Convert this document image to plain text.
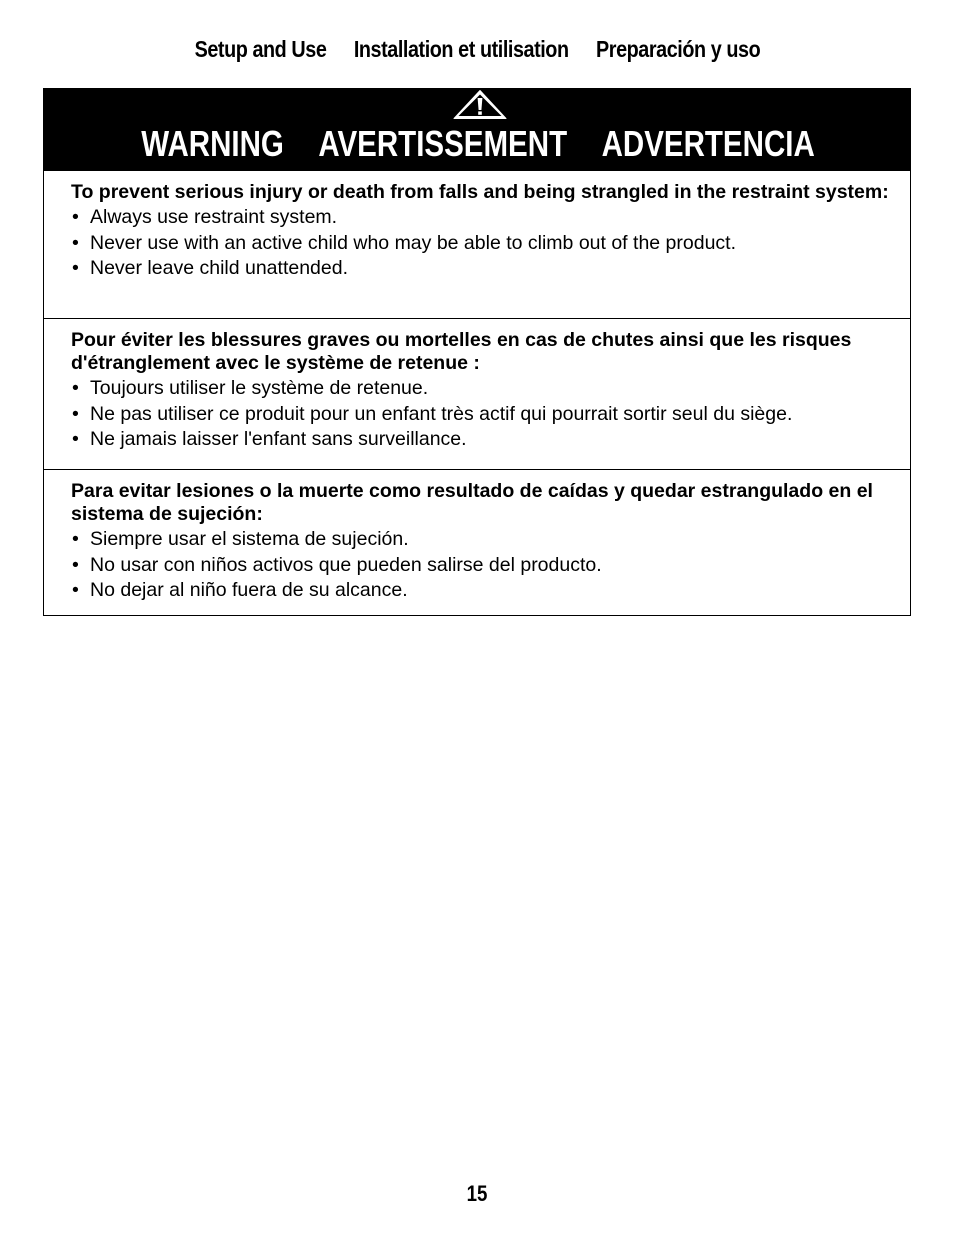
Setup and Use Installation et utilisation Preparación y uso
WARNING AVERTISSEMENT ADVERTENCIA

To prevent serious injury or death from falls and being strangled in the restraint system:

• Always use restraint system.
• Never use with an active child who may be able to climb out of the product.
• Never leave child unattended.

Pour éviter les blessures graves ou mortelles en cas de chutes ainsi que les risques d'étranglement avec le système de retenue :

• Toujours utiliser le système de retenue.
• Ne pas utiliser ce produit pour un enfant très actif qui pourrait sortir seul du siège.
• Ne jamais laisser l'enfant sans surveillance.

Para evitar lesiones o la muerte como resultado de caídas y quedar estrangulado en el sistema de sujeción:

• Siempre usar el sistema de sujeción.
• No usar con niños activos que pueden salirse del producto.
• No dejar al niño fuera de su alcance.
15
